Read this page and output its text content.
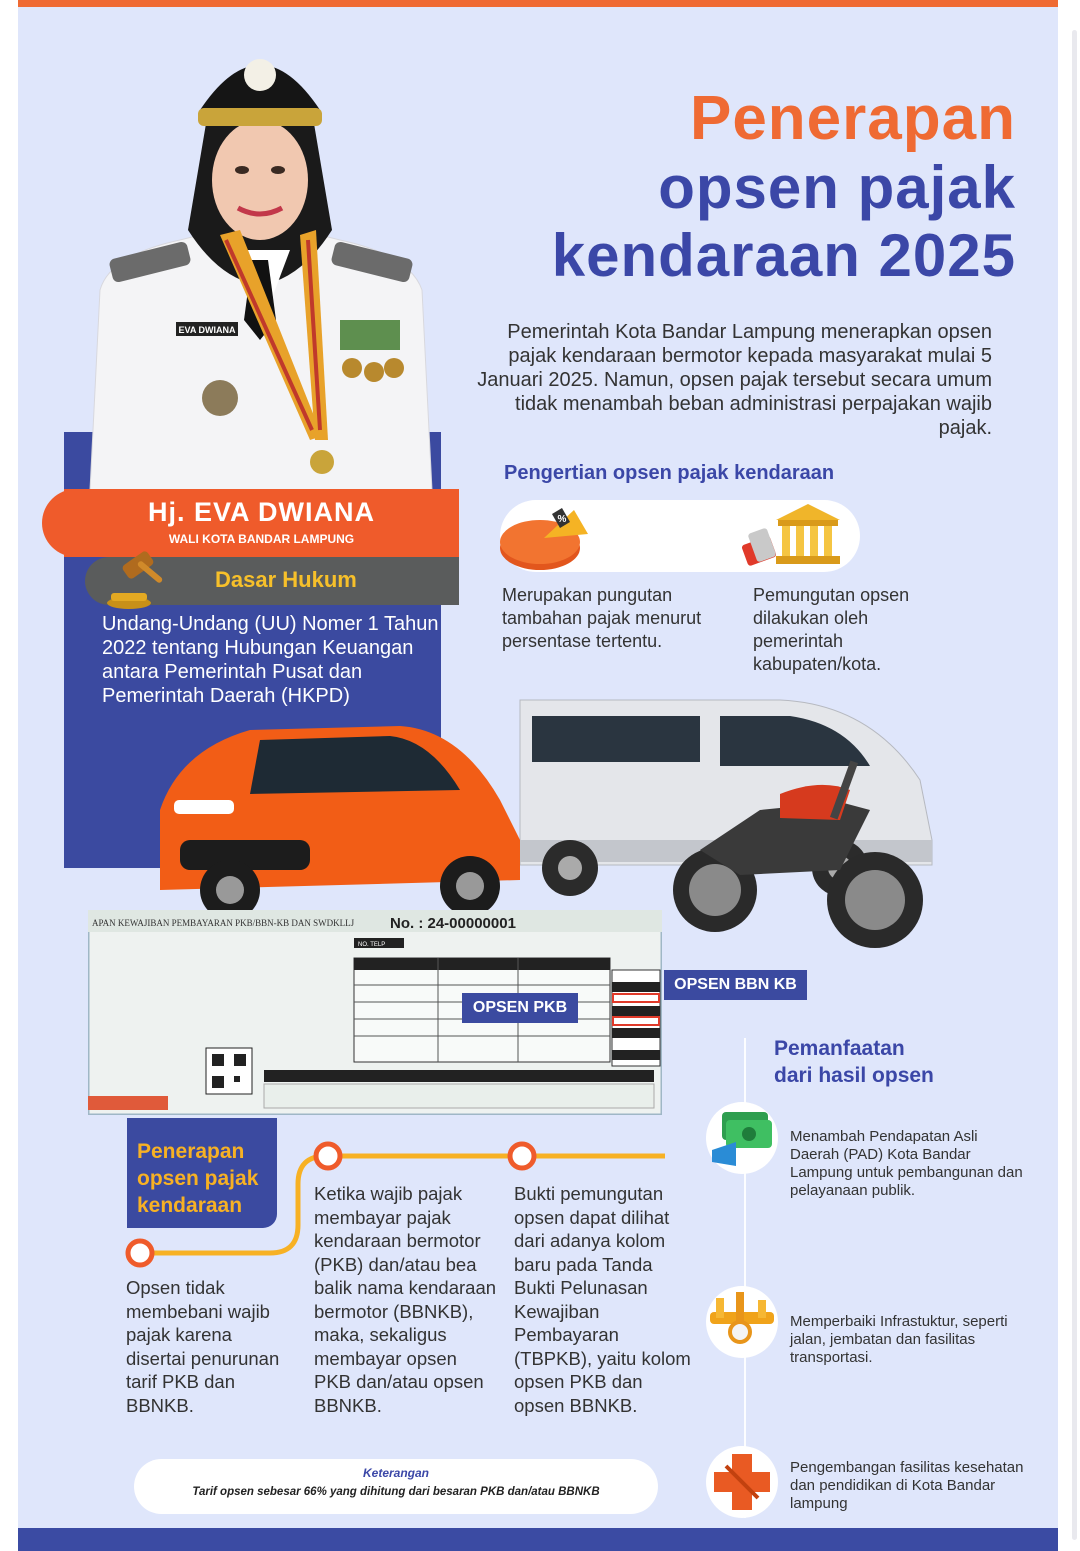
Penerapan
opsen pajak
kendaraan 2025
Pemerintah Kota Bandar Lampung menerapkan opsen pajak kendaraan bermotor kepada masyarakat mulai 5 Januari 2025. Namun, opsen pajak tersebut secara umum tidak menambah beban administrasi perpajakan wajib pajak.
EVA DWIANA
Hj. EVA DWIANA
WALI KOTA BANDAR LAMPUNG
Dasar Hukum
Undang-Undang (UU) Nomer 1 Tahun 2022 tentang Hubungan Keuangan antara Pemerintah Pusat dan Pemerintah Daerah (HKPD)
Pengertian opsen pajak kendaraan
%
Merupakan pungutan tambahan pajak menurut persentase tertentu.
Pemungutan opsen dilakukan oleh pemerintah kabupaten/kota.
APAN KEWAJIBAN PEMBAYARAN PKB/BBN-KB DAN SWDKLLJ No. : 24-00000001
NO. TELP
OPSEN BBN KB
OPSEN PKB
Pemanfaatan dari hasil opsen
Menambah Pendapatan Asli Daerah (PAD) Kota Bandar Lampung untuk pembangunan dan pelayanaan publik.
Memperbaiki Infrastuktur, seperti jalan, jembatan dan fasilitas transportasi.
Pengembangan fasilitas kesehatan dan pendidikan di Kota Bandar lampung
Penerapan opsen pajak kendaraan
Opsen tidak membebani wajib pajak karena disertai penurunan tarif PKB dan BBNKB.
Ketika wajib pajak membayar pajak kendaraan bermotor (PKB) dan/atau bea balik nama kendaraan bermotor (BBNKB), maka, sekaligus membayar opsen PKB dan/atau opsen BBNKB.
Bukti pemungutan opsen dapat dilihat dari adanya kolom baru pada Tanda Bukti Pelunasan Kewajiban Pembayaran (TBPKB), yaitu kolom opsen PKB dan opsen BBNKB.
Keterangan
Tarif opsen sebesar 66% yang dihitung dari besaran PKB dan/atau BBNKB
